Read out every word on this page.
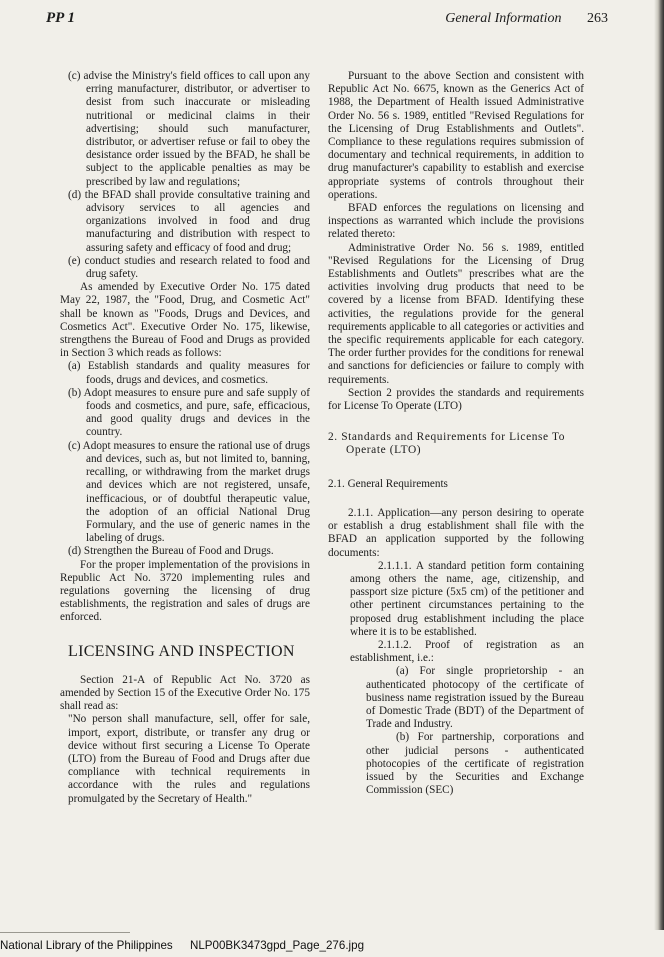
PP 1	General Information 263

(c) advise the Ministry's field offices to call upon any erring manufacturer, distributor, or advertiser to desist from such inaccurate or misleading nutritional or medicinal claims in their advertising; should such manufacturer, distributor, or advertiser refuse or fail to obey the desistance order issued by the BFAD, he shall be subject to the applicable penalties as may be prescribed by law and regulations;

(d) the BFAD shall provide consultative training and advisory services to all agencies and organizations involved in food and drug manufacturing and distribution with respect to assuring safety and efficacy of food and drug;

(e) conduct studies and research related to food and drug safety.

As amended by Executive Order No. 175 dated May 22, 1987, the "Food, Drug, and Cosmetic Act" shall be known as "Foods, Drugs and Devices, and Cosmetics Act". Executive Order No. 175, likewise, strengthens the Bureau of Food and Drugs as provided in Section 3 which reads as follows:

(a) Establish standards and quality measures for foods, drugs and devices, and cosmetics.

(b) Adopt measures to ensure pure and safe supply of foods and cosmetics, and pure, safe, efficacious, and good quality drugs and devices in the country.

(c) Adopt measures to ensure the rational use of drugs and devices, such as, but not limited to, banning, recalling, or withdrawing from the market drugs and devices which are not registered, unsafe, inefficacious, or of doubtful therapeutic value, the adoption of an official National Drug Formulary, and the use of generic names in the labeling of drugs.

(d) Strengthen the Bureau of Food and Drugs.

For the proper implementation of the provisions in Republic Act No. 3720 implementing rules and regulations governing the licensing of drug establishments, the registration and sales of drugs are enforced.

LICENSING AND INSPECTION

Section 21-A of Republic Act No. 3720 as amended by Section 15 of the Executive Order No. 175 shall read as:

"No person shall manufacture, sell, offer for sale, import, export, distribute, or transfer any drug or device without first securing a License To Operate (LTO) from the Bureau of Food and Drugs after due compliance with technical requirements in accordance with the rules and regulations promulgated by the Secretary of Health."

Pursuant to the above Section and consistent with Republic Act No. 6675, known as the Generics Act of 1988, the Department of Health issued Administrative Order No. 56 s. 1989, entitled "Revised Regulations for the Licensing of Drug Establishments and Outlets". Compliance to these regulations requires submission of documentary and technical requirements, in addition to drug manufacturer's capability to establish and exercise appropriate systems of controls throughout their operations.

BFAD enforces the regulations on licensing and inspections as warranted which include the provisions related thereto:

Administrative Order No. 56 s. 1989, entitled "Revised Regulations for the Licensing of Drug Establishments and Outlets" prescribes what are the activities involving drug products that need to be covered by a license from BFAD. Identifying these activities, the regulations provide for the general requirements applicable to all categories or activities and the specific requirements applicable for each category. The order further provides for the conditions for renewal and sanctions for deficiencies or failure to comply with requirements.

Section 2 provides the standards and requirements for License To Operate (LTO)

2. Standards and Requirements for License To Operate (LTO)

2.1. General Requirements

2.1.1. Application—any person desiring to operate or establish a drug establishment shall file with the BFAD an application supported by the following documents:

2.1.1.1. A standard petition form containing among others the name, age, citizenship, and passport size picture (5x5 cm) of the petitioner and other pertinent circumstances pertaining to the proposed drug establishment including the place where it is to be established.

2.1.1.2. Proof of registration as an establishment, i.e.:

(a) For single proprietorship - an authenticated photocopy of the certificate of business name registration issued by the Bureau of Domestic Trade (BDT) of the Department of Trade and Industry.

(b) For partnership, corporations and other judicial persons - authenticated photocopies of the certificate of registration issued by the Securities and Exchange Commission (SEC)

National Library of the Philippines NLP00BK3473gpd_Page_276.jpg
